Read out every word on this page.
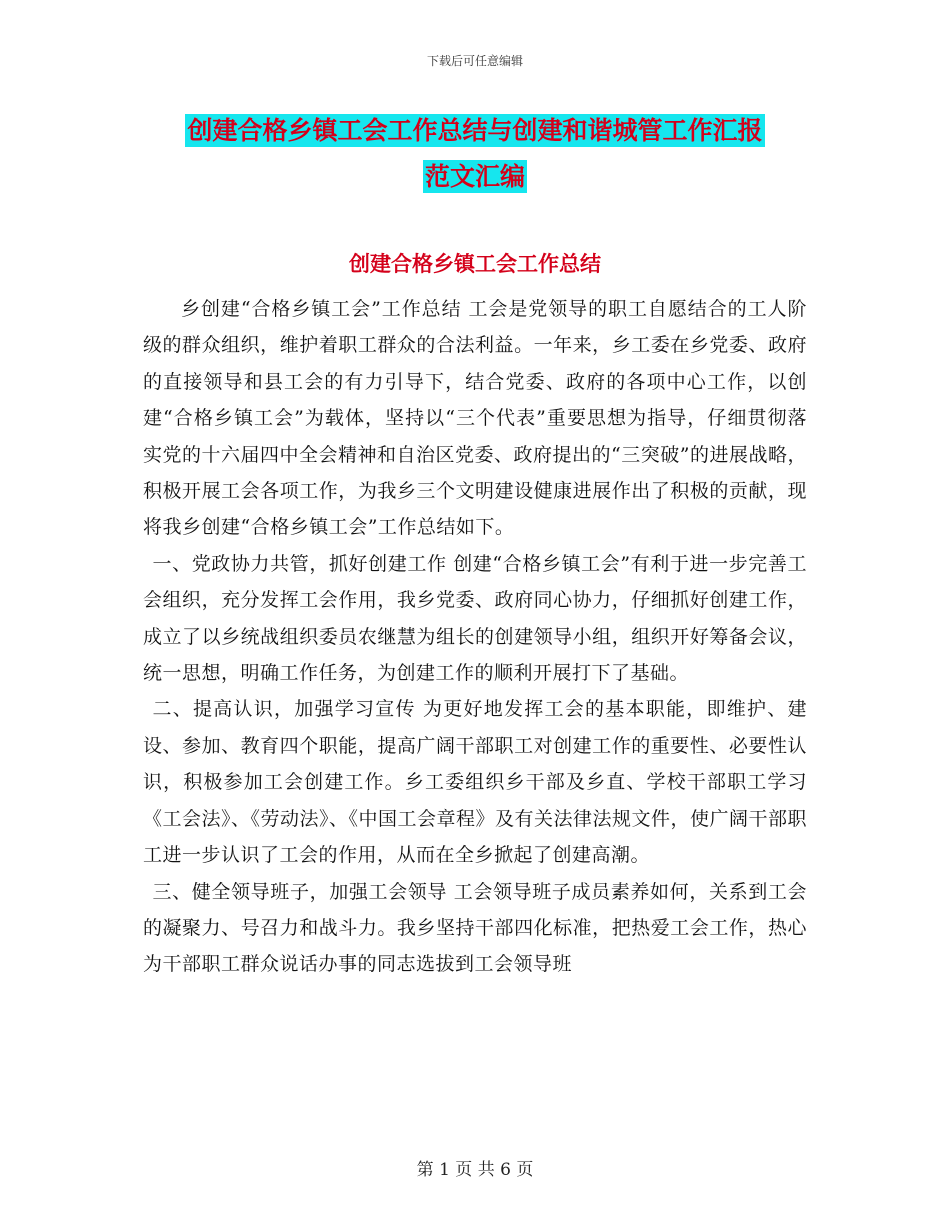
下载后可任意编辑
创建合格乡镇工会工作总结与创建和谐城管工作汇报
范文汇编
创建合格乡镇工会工作总结

乡创建“合格乡镇工会”工作总结 工会是党领导的职工自愿结合的工人阶级的群众组织，维护着职工群众的合法利益。一年来，乡工委在乡党委、政府的直接领导和县工会的有力引导下，结合党委、政府的各项中心工作，以创建“合格乡镇工会”为载体，坚持以“三个代表”重要思想为指导，仔细贯彻落实党的十六届四中全会精神和自治区党委、政府提出的“三突破”的进展战略，积极开展工会各项工作，为我乡三个文明建设健康进展作出了积极的贡献，现将我乡创建“合格乡镇工会”工作总结如下。

一、党政协力共管，抓好创建工作 创建“合格乡镇工会”有利于进一步完善工会组织，充分发挥工会作用，我乡党委、政府同心协力，仔细抓好创建工作，成立了以乡统战组织委员农继慧为组长的创建领导小组，组织开好筹备会议，统一思想，明确工作任务，为创建工作的顺利开展打下了基础。

二、提高认识，加强学习宣传 为更好地发挥工会的基本职能，即维护、建设、参加、教育四个职能，提高广阔干部职工对创建工作的重要性、必要性认识，积极参加工会创建工作。乡工委组织乡干部及乡直、学校干部职工学习《工会法》、《劳动法》、《中国工会章程》及有关法律法规文件，使广阔干部职工进一步认识了工会的作用，从而在全乡掀起了创建高潮。

三、健全领导班子，加强工会领导 工会领导班子成员素养如何，关系到工会的凝聚力、号召力和战斗力。我乡坚持干部四化标准，把热爱工会工作，热心为干部职工群众说话办事的同志选拔到工会领导班

第 1 页 共 6 页
